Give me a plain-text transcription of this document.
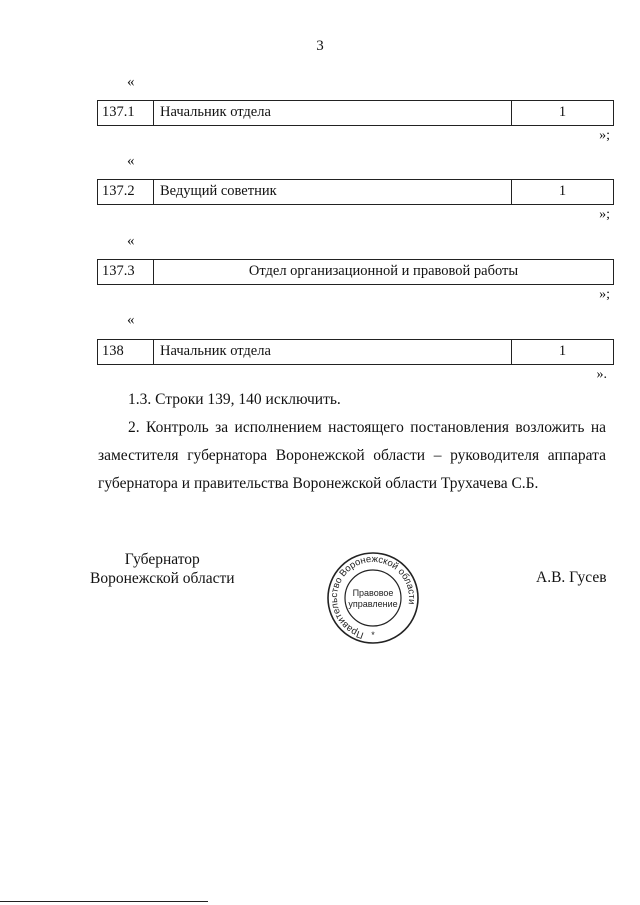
3
«
137.1	Начальник отдела	1
»;
«
137.2	Ведущий советник	1
»;
«
137.3	Отдел организационной и правовой работы
»;
«
138	Начальник отдела	1
».
1.3. Строки 139, 140 исключить.
2. Контроль за исполнением настоящего постановления возложить на
заместителя губернатора Воронежской области – руководителя аппарата
губернатора и правительства Воронежской области Трухачева С.Б.
Губернатор
Воронежской области	А.В. Гусев
Правительство Воронежской области
Правовое
управление
*
